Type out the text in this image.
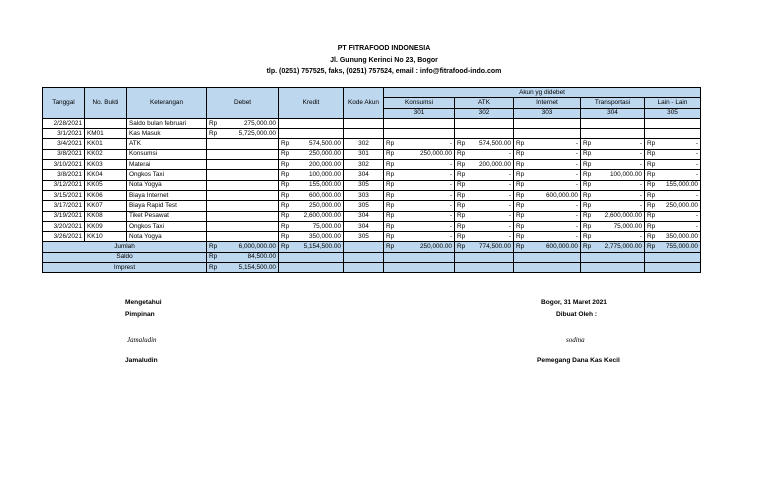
PT FITRAFOOD INDONESIA
Jl. Gunung Kerinci No 23, Bogor
tlp. (0251) 757525, faks, (0251) 757524, email : info@fitrafood-indo.com
Tanggal	No. Bukti	Keterangan	Debet	Kredit	Kode Akun	Akun yg didebet				
						Konsumsi	ATK	Internet	Transportasi	Lain - Lain
						301	302	303	304	305
2/28/2021		Saldo bulan februari	Rp 275,000.00							

3/1/2021	KM01	Kas Masuk	Rp 5,725,000.00							

3/4/2021	KK01	ATK		Rp 574,500.00	302	Rp -	Rp 574,500.00	Rp -	Rp -	Rp -

3/8/2021	KK02	Konsumsi		Rp 250,000.00	301	Rp 250,000.00	Rp -	Rp -	Rp -	Rp -

3/10/2021	KK03	Materai		Rp 200,000.00	302	Rp -	Rp 200,000.00	Rp -	Rp -	Rp -

3/8/2021	KK04	Ongkos Taxi		Rp 100,000.00	304	Rp -	Rp -	Rp -	Rp 100,000.00	Rp -

3/12/2021	KK05	Nota Yogya		Rp 155,000.00	305	Rp -	Rp -	Rp -	Rp -	Rp 155,000.00

3/15/2021	KK06	Biaya Internet		Rp 600,000.00	303	Rp -	Rp -	Rp 600,000.00	Rp -	Rp -

3/17/2021	KK07	Biaya Rapid Test		Rp 250,000.00	305	Rp -	Rp -	Rp -	Rp -	Rp 250,000.00

3/19/2021	KK08	Tiket Pesawat		Rp 2,600,000.00	304	Rp -	Rp -	Rp -	Rp 2,600,000.00	Rp -

3/20/2021	KK09	Ongkos Taxi		Rp 75,000.00	304	Rp -	Rp -	Rp -	Rp 75,000.00	Rp -

3/26/2021	KK10	Nota Yogya		Rp 350,000.00	305	Rp -	Rp -	Rp -	Rp -	Rp 350,000.00

Jumlah			Rp 6,000,000.00	Rp 5,154,500.00		Rp 250,000.00	Rp 774,500.00	Rp 600,000.00	Rp 2,775,000.00	Rp 755,000.00

Saldo			Rp 84,500.00							

Imprest			Rp 5,154,500.00							

Mengetahui
Pimpinan
Jamaludin
Jamaludin
Bogor, 31 Maret 2021
Dibuat Oleh :
sodina
Pemegang Dana Kas Kecil
